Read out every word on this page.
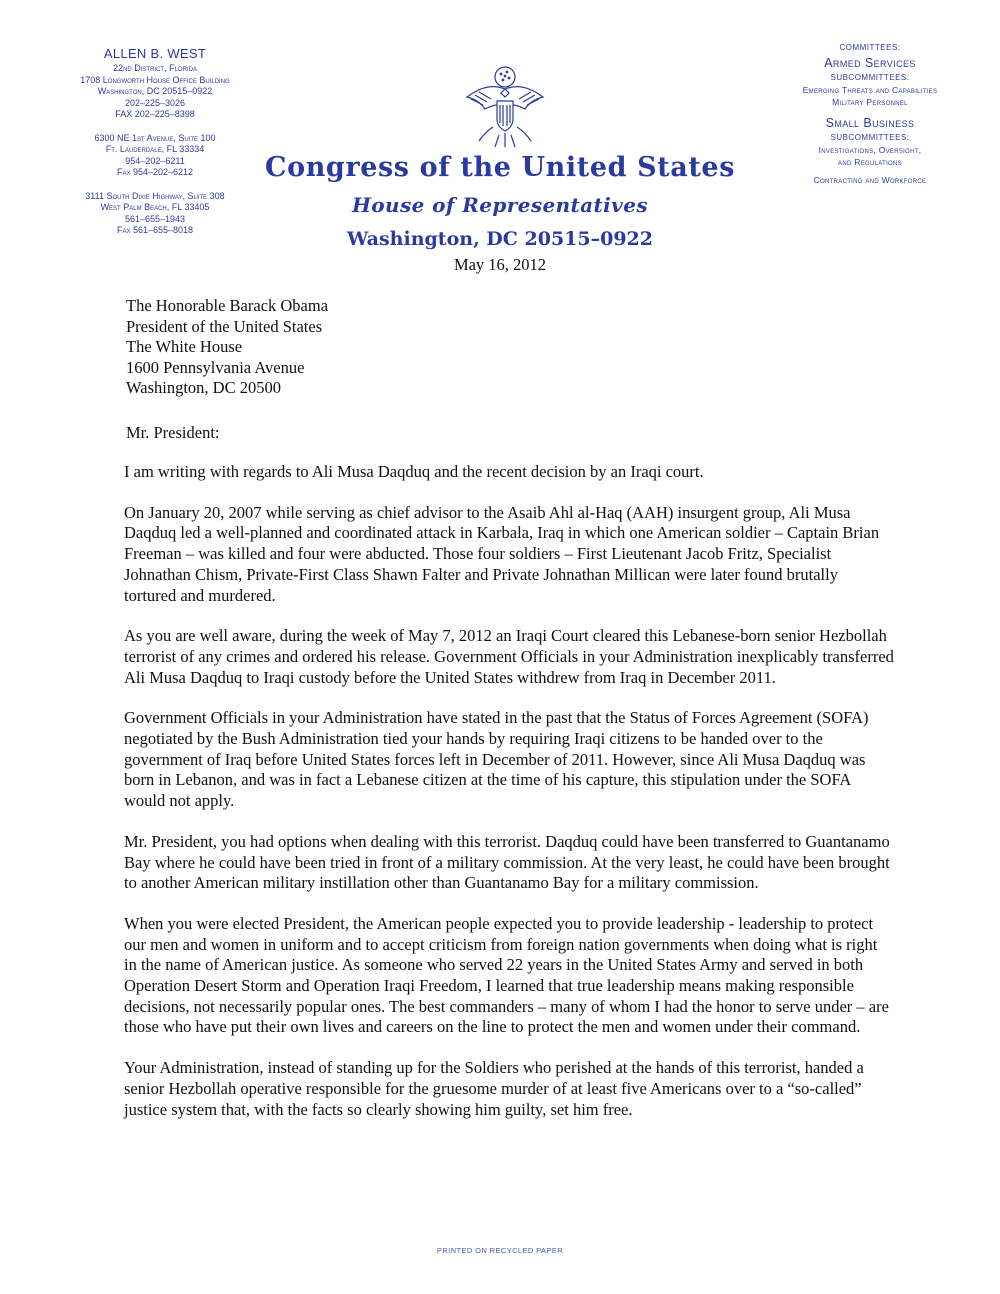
ALLEN B. WEST
22nd District, Florida
1708 Longworth House Office Building
Washington, DC 20515–0922
202–225–3026
FAX 202–225–8398
6300 NE 1st Avenue, Suite 100
Ft. Lauderdale, FL 33334
954–202–6211
Fax 954–202–6212
3111 South Dixie Highway, Suite 308
West Palm Beach, FL 33405
561–655–1943
Fax 561–655–8018
Congress of the United States
House of Representatives
Washington, DC 20515–0922
May 16, 2012
COMMITTEES:
Armed Services
SUBCOMMITTEES:
Emerging Threats and Capabilities
Military Personnel
Small Business
SUBCOMMITTEES:
Investigations, Oversight,
and Regulations
Contracting and Workforce
The Honorable Barack Obama
President of the United States
The White House
1600 Pennsylvania Avenue
Washington, DC 20500
Mr. President:

I am writing with regards to Ali Musa Daqduq and the recent decision by an Iraqi court.

On January 20, 2007 while serving as chief advisor to the Asaib Ahl al-Haq (AAH) insurgent group, Ali Musa Daqduq led a well-planned and coordinated attack in Karbala, Iraq in which one American soldier – Captain Brian Freeman – was killed and four were abducted. Those four soldiers – First Lieutenant Jacob Fritz, Specialist Johnathan Chism, Private-First Class Shawn Falter and Private Johnathan Millican were later found brutally tortured and murdered.

As you are well aware, during the week of May 7, 2012 an Iraqi Court cleared this Lebanese-born senior Hezbollah terrorist of any crimes and ordered his release. Government Officials in your Administration inexplicably transferred Ali Musa Daqduq to Iraqi custody before the United States withdrew from Iraq in December 2011.

Government Officials in your Administration have stated in the past that the Status of Forces Agreement (SOFA) negotiated by the Bush Administration tied your hands by requiring Iraqi citizens to be handed over to the government of Iraq before United States forces left in December of 2011. However, since Ali Musa Daqduq was born in Lebanon, and was in fact a Lebanese citizen at the time of his capture, this stipulation under the SOFA would not apply.

Mr. President, you had options when dealing with this terrorist. Daqduq could have been transferred to Guantanamo Bay where he could have been tried in front of a military commission. At the very least, he could have been brought to another American military instillation other than Guantanamo Bay for a military commission.

When you were elected President, the American people expected you to provide leadership - leadership to protect our men and women in uniform and to accept criticism from foreign nation governments when doing what is right in the name of American justice. As someone who served 22 years in the United States Army and served in both Operation Desert Storm and Operation Iraqi Freedom, I learned that true leadership means making responsible decisions, not necessarily popular ones. The best commanders – many of whom I had the honor to serve under – are those who have put their own lives and careers on the line to protect the men and women under their command.

Your Administration, instead of standing up for the Soldiers who perished at the hands of this terrorist, handed a senior Hezbollah operative responsible for the gruesome murder of at least five Americans over to a “so-called” justice system that, with the facts so clearly showing him guilty, set him free.

PRINTED ON RECYCLED PAPER
